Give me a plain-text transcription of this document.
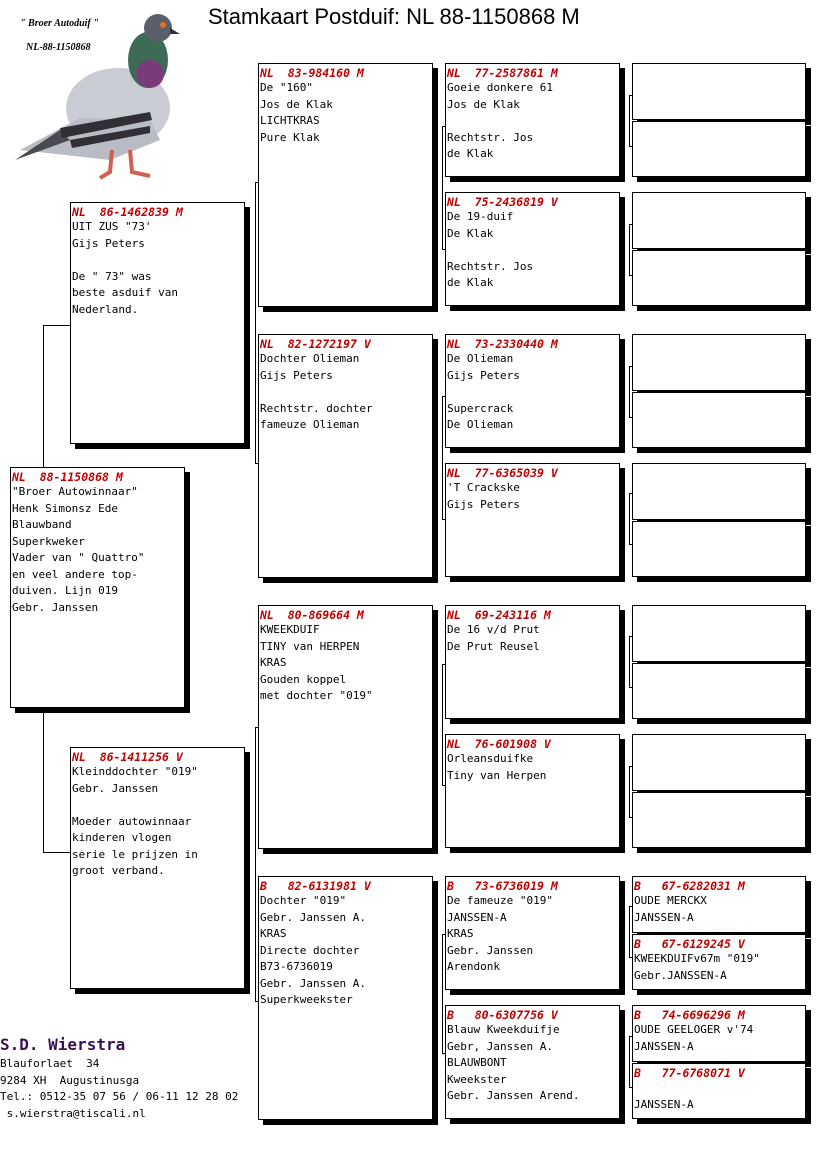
Stamkaart Postduif: NL 88-1150868 M
" Broer Autoduif "
NL-88-1150868
NL  88-1150868 M
"Broer Autowinnaar"
Henk Simonsz Ede
Blauwband
Superkweker
Vader van " Quattro"
en veel andere top-
duiven. Lijn 019
Gebr. Janssen
NL  86-1462839 M
UIT ZUS "73'
Gijs Peters
De " 73" was
beste asduif van
Nederland.
NL  86-1411256 V
Kleinddochter "019"
Gebr. Janssen
Moeder autowinnaar
kinderen vlogen
serie le prijzen in
groot verband.
NL  83-984160 M
De "160"
Jos de Klak
LICHTKRAS
Pure Klak
NL  82-1272197 V
Dochter Olieman
Gijs Peters
Rechtstr. dochter
fameuze Olieman
NL  80-869664 M
KWEEKDUIF
TINY van HERPEN
KRAS
Gouden koppel
met dochter "019"
B   82-6131981 V
Dochter "019"
Gebr. Janssen A.
KRAS
Directe dochter
B73-6736019
Gebr. Janssen A.
Superkweekster
NL  77-2587861 M
Goeie donkere 61
Jos de Klak
Rechtstr. Jos
de Klak
NL  75-2436819 V
De 19-duif
De Klak
Rechtstr. Jos
de Klak
NL  73-2330440 M
De Olieman
Gijs Peters
Supercrack
De Olieman
NL  77-6365039 V
'T Crackske
Gijs Peters
NL  69-243116 M
De 16 v/d Prut
De Prut Reusel
NL  76-601908 V
Orleansduifke
Tiny van Herpen
B   73-6736019 M
De fameuze "019"
JANSSEN-A
KRAS
Gebr. Janssen
Arendonk
B   80-6307756 V
Blauw Kweekduifje
Gebr, Janssen A.
BLAUWBONT
Kweekster
Gebr. Janssen Arend.
B   67-6282031 M
OUDE MERCKX
JANSSEN-A
B   67-6129245 V
KWEEKDUIFv67m "019"
Gebr.JANSSEN-A
B   74-6696296 M
OUDE GEELOGER v'74
JANSSEN-A
B   77-6768071 V
JANSSEN-A
S.D. Wierstra
Blauforlaet  34
9284 XH  Augustinusga
Tel.: 0512-35 07 56 / 06-11 12 28 02
s.wierstra@tiscali.nl
